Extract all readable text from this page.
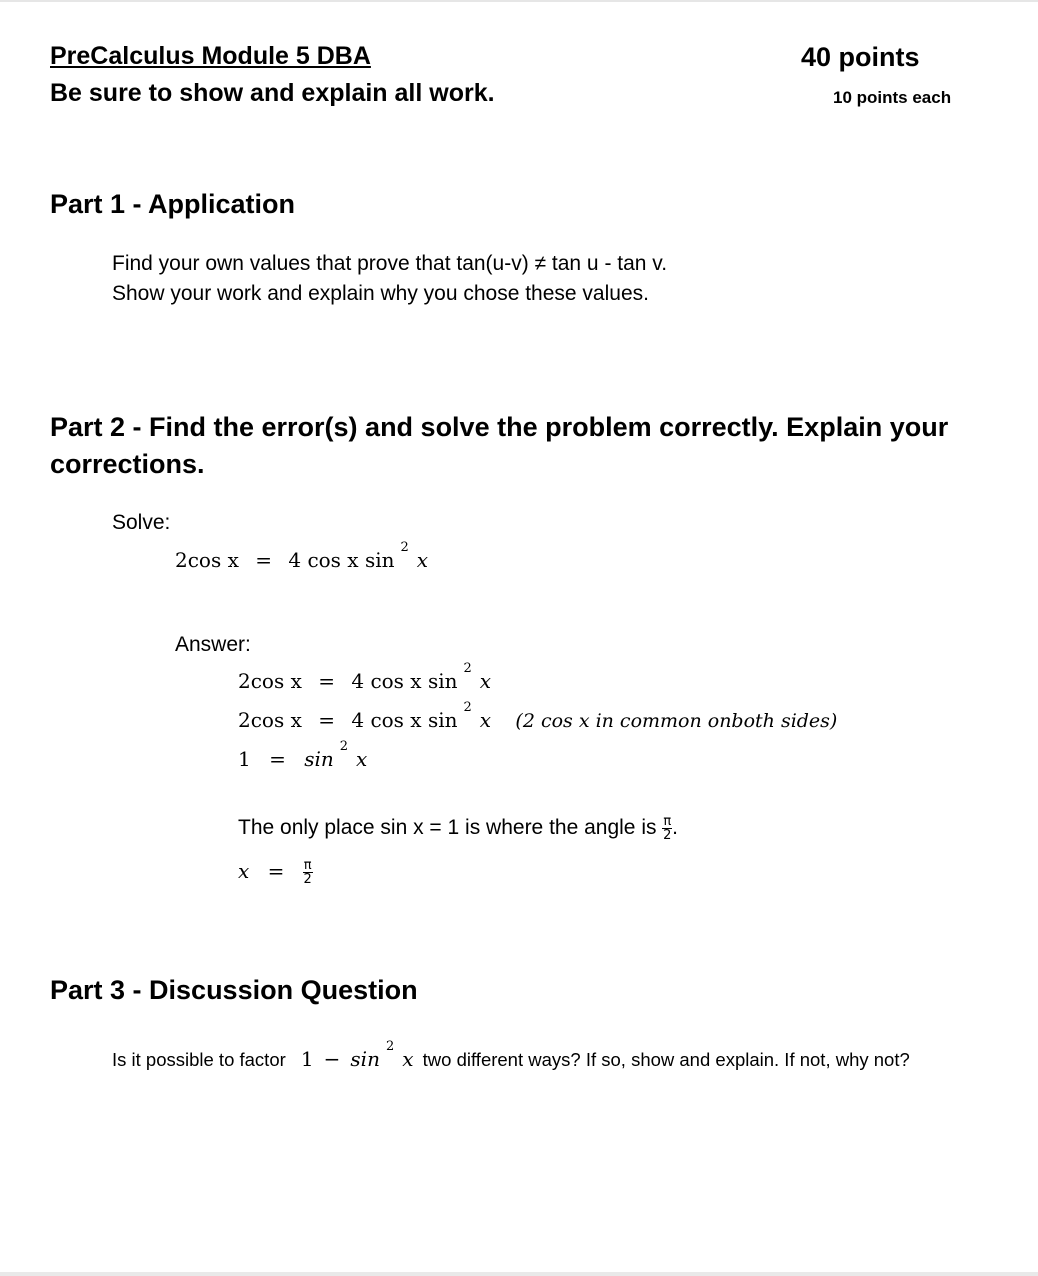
PreCalculus Module 5 DBA
Be sure to show and explain all work.
40 points
10 points each
Part 1 - Application
Find your own values that prove that tan(u-v) ≠ tan u - tan v.
Show your work and explain why you chose these values.
Part 2 - Find the error(s) and solve the problem correctly. Explain your corrections.
Solve:
2cos x = 4 cos x $\sin^2x$
Answer:
2cos x = 4 cos x $\sin^2x$
2cos x = 4 cos x $\sin^2x$ (2 cos x in common onboth sides)
$1 = \sin^2x$
The only place sin x = 1 is where the angle is $\frac{\pi}{2}$ .
$x = \frac{\pi}{2}$
Part 3 - Discussion Question
Is it possible to factor $1 - \sin^2x$ two different ways? If so, show and explain. If not, why not?
